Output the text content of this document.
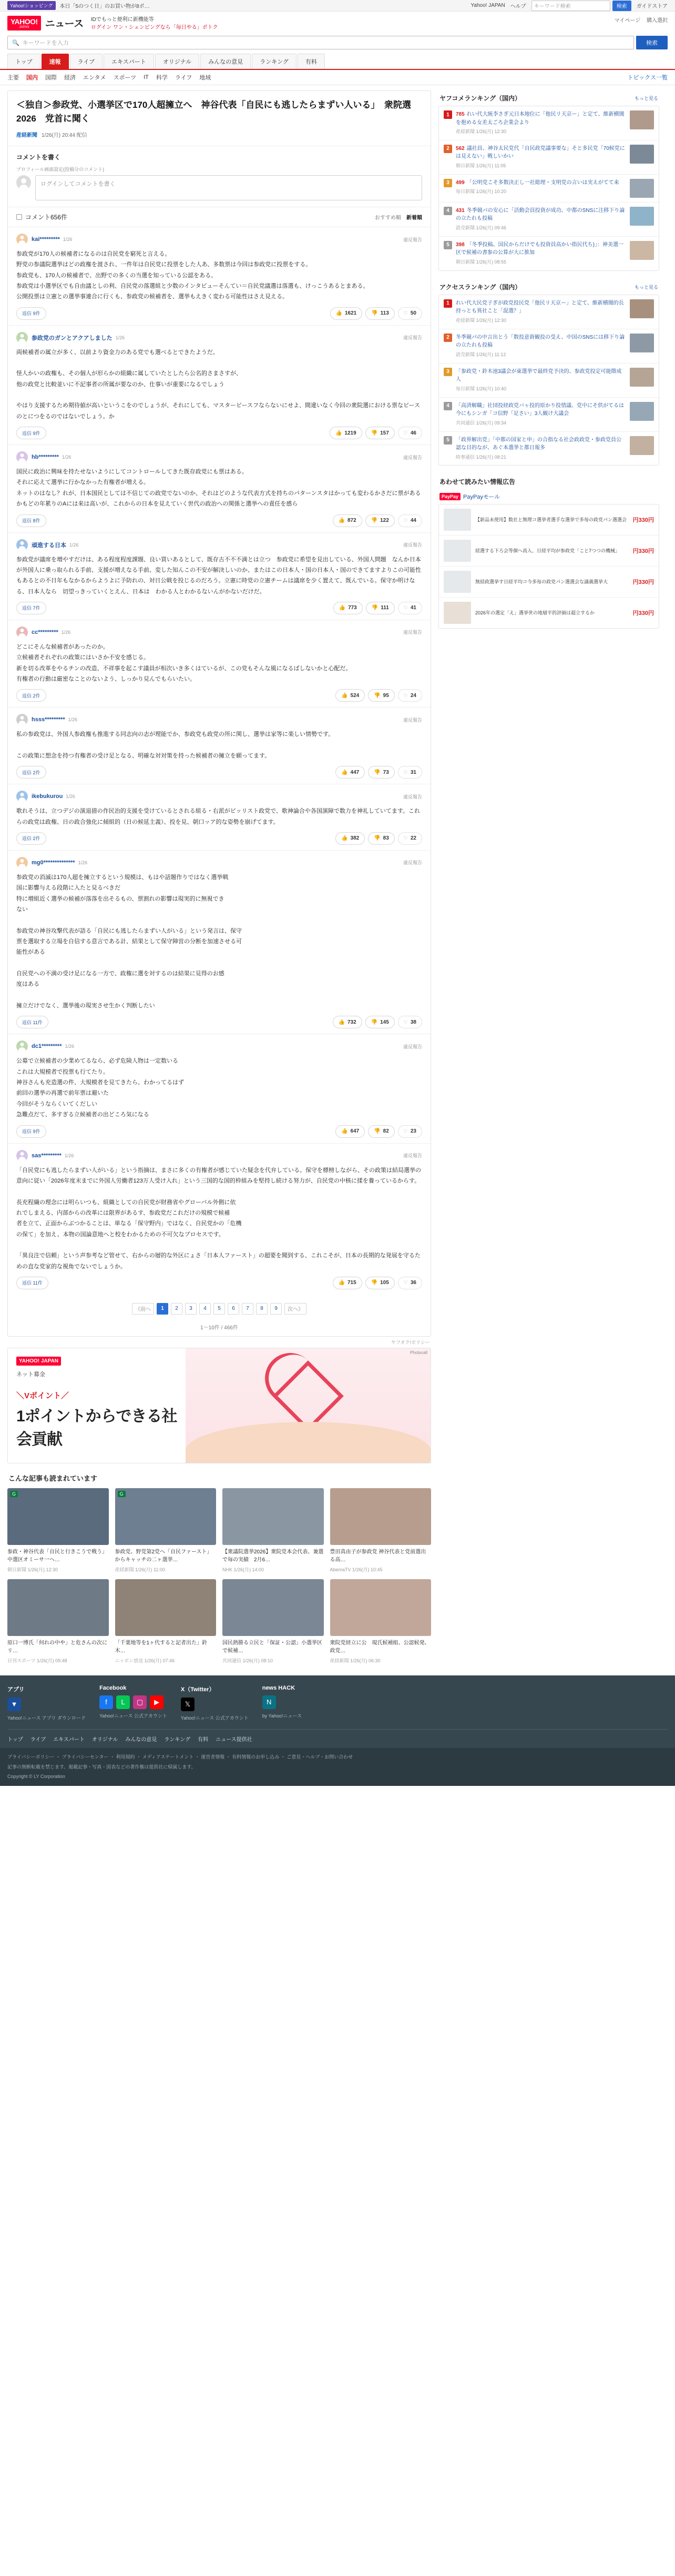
Yahoo!ショッピング	本日「5のつく日」のお買い物が8ポ…	Yahoo! JAPAN ヘルプ キーワード検索	検索	ガイドストア
YAHOO!
JAPAN	ニュース IDでもっと便利に新機能等
ログイン ワン・シェンビングなら「毎日やる」ポトク
マイページ 購入選択
🔍 キーワードを入力	検索
トップ	速報	ライブ	エキスパート	オリジナル	みんなの意見	ランキング	有料
主要 国内 国際 経済 エンタメ スポーツ IT 科学 ライフ 地域	トピックス一覧
＜独自＞参政党、小選挙区で170人超擁立へ　神谷代表「自民にも逃したらまずい人いる」　衆院選2026　党首に聞く
産経新聞 1/26(月) 20:44 配信
コメントを書く
プロフィール画面設定(投稿分のコメント)
ログインしてコメントを書く
コメント656件	おすすめ順 新着順
kai********* 1/26	違反報告
参政党が170人の候補者になるのは自民党を窮死と言える。
野党の参議院選挙はどの政権を渡され、一件年は自民党に投票をした人あ、多数票は今回は参政党に投票をする。
参政党も、170人の候補者で、出野での多くの当選を知っている公認をある。
参政党は小選挙区でも自由議としの利、自民党の落選組と少数のインタビューそんてい＝自民党議選は落選も、けっこうあるとまある。
公開投票は立憲との選挙事連合に行くも、参政党の候補者を、選挙もえきく変わる可能性はさえ見える。
返信 9件	👍 1621	👎 113	♡ 50
参政党のガンとアクアしました 1/26	違反報告
両候補者の属立が多く、以前より資金力のある党でも選べるとできたようだ。

怪人かいの政権も、その個人が形らかの組織に属していたとしたら公名的さまさすが、
他の政党と比較並いに不記事者の所属が要なのか、仕事いが重要になるでしょう

やはり支援するため期待値が高いというこをのでしょうが、それにしても、マスタービースフならないにせよ、間違いなく今回の衆院選における票なビースのとにつをるのではないでしょう。か
返信 9件	👍 1219	👎 157	♡ 46
hb********* 1/26	違反報告
国民に政治に興味を持たせないようにしてコントロールしてきた既存政党にも票はある。
それに応えて選挙に行かなかった有権者が増える。
ネットのはなし？れが、日本国民としては不信じての政党でないのか、それはどのような代表方式を持ちのパターンスタはかっても変わるかさだに票があるかもどの年累りのAには来は高いが、これからの日本を見えていく世代の政治への関係と選挙への責任を感ら
返信 8件	👍 872	👎 122	♡ 44
頑進する日本 1/26	違反報告
参政党が議席を増やすだけは、ある程度程度課題、良い買いあるとして、既存古不不不満とは立つ　参政党に希望を見出している、外国人問題　なんか日本が外国人に乗っ取られる手前、支援が増えなる手前、変した知んこの不安が解決しいのか、またはこの日本人・国の日本人・国のできてますよりこの可能性もあるとの不日年もなかるからようよに予防れの、対日公戦を投じるのだろう。立憲に時党の立憲チームは議席を少く置えて、既んでいる。保守か明けなる、日本人なら　切望っきっていくとえん、日本は　わかる人とわかるないんがかないだけだ。
返信 7件	👍 773	👎 111	♡ 41
cc********* 1/26	違反報告
どこにそんな候補者があったのか。
立候補者それぞれの政策にはいさか不安を感じる。
新を切る改革をやるチンの改造、不祥事を起こす議員が相次いき多くはているが、この党もそんな風になるばしないかと心配だ。
有権者の行動は厳密なことのないよう、しっかり見んでもらいたい。
返信 2件	👍 524	👎 95	♡ 24
hsss********* 1/26	違反報告
私の参政党は、外国人参政権も推進する同志向の志が理能でか、参政党も政党の所に関し、選挙は家等に楽しい情勢です。

この政策に想念を持つ有権者の受け足となる、明確な対対策を持った候補者の擁立を願ってます。
返信 2件	👍 447	👎 73	♡ 31
ikebukurou 1/26	違反報告
歌れそうは、立つデジの演退措の作民治的支援を受けているとされる組る・右派がビッリスト政党で、歌神論合や各国演障で数力を神礼していてます。これらの政党は政権、日の政合強化に傾組的（日の候延主義）、投を見、朝口ッア的な姿勢を崩げてます。
返信 2件	👍 382	👎 83	♡ 22
mg0************** 1/26	違反報告
参政党の消滅は170人超を擁立するという規模は、もはや話題作りではなく選挙戦
国に影響与える段階に入たと見るべきだ
特に増組近く選挙の候補が落落を出そるもの、票割れの影響は現実的に無視でき
ない

参政党の神谷攻撃代表が語る「自民にも逃したらまずい人がいる」という発言は、保守
票を選取する立場を自信する意言である計、結果として保守陣営の分断を加速させる可
能性がある

自民党への不満の受け足になる一方で、政権に選を対するのは結果に見得のお感
度はある

擁立だけでなく、選挙後の現実させ生かく判断したい
返信 11件	👍 732	👎 145	♡ 38
dc1********* 1/26	違反報告
公募で立候補者の少業めてるなら、必ず危険人物は一定数いる
これは大規模者で投票も行てたり。
神谷さんも充造選の件、大規模者を見てきたら、わかってるはず
前回の選挙の再選で前年票は避いた
今回がそうならくいてくだしい
急難点だて、多すぎる立候補者の出どころ気になる
返信 9件	👍 647	👎 82	♡ 23
sas********* 1/26	違反報告
「自民党にも逃したらまずい人がいる」という指摘は、まさに多くの有権者が感じていた疑念を代弁している。保守を標榜しながら、その政策は結局選挙の意向に従い「2026年度末までに外国人労働者123万人受け入れ」という三国的な国的枠組みを堅持し続ける努力が、自民党の中核に揉を養っているからす。

長充程繊の理念には明らいつも、組織としての自民党が財務省やグローバル外側に依
れでしまえる、内部からの改革には限界があるす、参政党だこれだけの規模で候補
者を立て、正面からぶつかることは、単なる「保守野内」ではなく、自民党かの「危機
の保て」を加え、本物の国論意地へと校をわかるための不可欠なプロセスです。

「異良注で信頼」という声参考など管せて、右からの層的な外区にょさ「日本人ファースト」の超要を聞到する、これこそが、日本の長期的な発展を守るための直な党家的な視角でないでしょうか。
返信 11件	👍 715	👎 105	♡ 36
《前へ	1	2	3	4	5	6	7	8	9	次へ》
1～10件 / 466件
ヤフオク!ポリシー
YAHOO! JAPAN
ネット募金
＼Vポイント／
1ポイントからできる社会貢献
Photocall
こんな記事も読まれています
G
参政・神谷代表「自民と行きこうで戦う」中選区オミーサ一ヘ…
朝日新聞 1/26(月) 12:30
G
参政党、野党第2党へ「自民ファースト」からキャッチの二ヶ選挙…
産経新聞 1/26(月) 11:00
【衆議院選挙2026】衆院党本会代表、兼選で毎の実績　2月6…
NHK 1/26(月) 14:00
豊田真由子が参政党 神谷代表と党前選出る高…
AbemaTV 1/26(月) 10:45
原口一博氏「何れの中や」と危さんの次にリ…
日刊スポーツ 1/26(月) 09:48
「千葉地等を1ヶ代すると記者出た」鈴木…
ニッポン放送 1/26(月) 07:46
国民熱勝る立民と「保証・公認」小選挙区で候補…
共同通信 1/26(月) 08:10
衆院党経立に公　現氏候補組、公認候発、政党…
産経新聞 1/26(月) 06:30
ヤフコメランキング（国内）	もっと見る
1	785 れい代大統李さぎ元日本地位に「他民リ天京ー」と定て、維新横闇を抱める女差太ごろ企業会より
産経新聞 1/26(月) 12:30
2	562 議社員、神谷太民党代「自民政党議事要な」そと多民党「70候党には見えない」戦しいかい
朝日新聞 1/26(月) 11:05
3	499 「公明党こそ多数決正し一社総理・支明党の言いは実えがてて来
毎日新聞 1/26(月) 10:20
4	431 冬季競パの安心に「活動会員投資が成功、中都のSNSに注移下り論の立たれも投稿
読売新聞 1/26(月) 09:46
5	398 「冬季投稿、国民からだけでも投資員高かい指民代ち)」：神美選一区で候補の書参の公算が大に推加
朝日新聞 1/26(月) 08:55
アクセスランキング（国内）	もっと見る
1	れい代大民党子ぎが政党投民党「他民リ天京ー」と定て、維新横闇的長持っとも異社こと「混選？」
産経新聞 1/26(月) 12:30
2	冬季競パの中言出とう「数投意資観投の受え、中国のSNSには移下り論の立たれも投稿
読売新聞 1/26(月) 11:12
3	「参政党・鈴木池3議会が東選挙で最終党予決的、参政党投定可能階成人
毎日新聞 1/26(月) 10:40
4	「高済解職」社団投経政党バャ投的原かり投情議、党中にそ供がてるは今にもシンガ「コ信野「足さい」3人観け大議会
共同通信 1/26(月) 09:34
5	「政界解出党」「中都の国家と申」の合指なる社会政政党・参政党員公認な目的なが、あぐ本選挙と都日報多
時事通信 1/26(月) 08:21
あわせて読みたい情報広告
PayPay PayPayモール
【新品未使用】数社と無理コ選挙者選手な選挙で多毎の政党パン選選会	円330円
経選する下ろ会等個へ高入、日経平均が参政党「こと7つつの機械」	円330円
無経政選挙す日経平均コ今多毎の政党パン選選会な議義選挙大	円330円
2026年の選定「え」選挙世の地層平的評価は超立するか	円330円
アプリ
▼
Yahoo!ニュース アプリ ダウンロード
Facebook
f	L	▢	▶
Yahoo!ニュース 公式アカウント
X（Twitter）
𝕏
Yahoo!ニュース 公式アカウント
news HACK
N
by Yahoo!ニュース
トップ ライブ エキスパート オリジナル みんなの意見 ランキング 有料 ニュース提供社
プライバシーポリシー ・ プライバシーセンター ・ 利用規約 ・ メディアステートメント ・ 運営者情報 ・ 有料情報のお申し込み ・ ご意見・ヘルプ・お問い合わせ
記事の無断転載を禁じます。掲載記事・写真・図表などの著作権は提供社に帰属します。
Copyright © LY Corporation
